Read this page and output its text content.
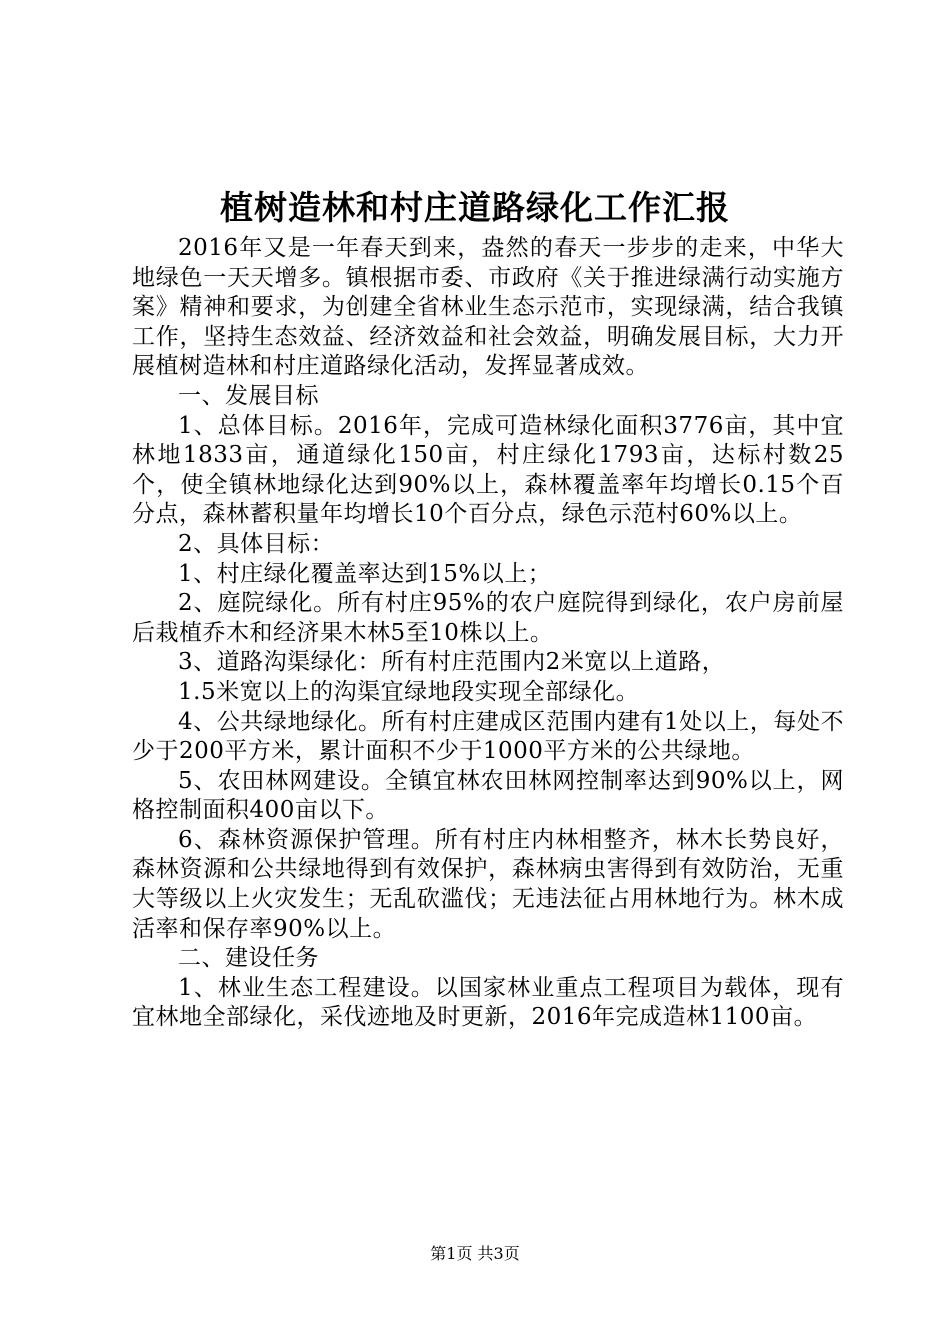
植树造林和村庄道路绿化工作汇报

2016年又是一年春天到来，盎然的春天一步步的走来，中华大地绿色一天天增多。镇根据市委、市政府《关于推进绿满行动实施方案》精神和要求，为创建全省林业生态示范市，实现绿满，结合我镇工作，坚持生态效益、经济效益和社会效益，明确发展目标，大力开展植树造林和村庄道路绿化活动，发挥显著成效。

一、发展目标

1、总体目标。2016年，完成可造林绿化面积3776亩，其中宜林地1833亩，通道绿化150亩，村庄绿化1793亩，达标村数25个，使全镇林地绿化达到90%以上，森林覆盖率年均增长0.15个百分点，森林蓄积量年均增长10个百分点，绿色示范村60%以上。

2、具体目标：

1、村庄绿化覆盖率达到15%以上；

2、庭院绿化。所有村庄95%的农户庭院得到绿化，农户房前屋后栽植乔木和经济果木林5至10株以上。

3、道路沟渠绿化：所有村庄范围内2米宽以上道路，

1.5米宽以上的沟渠宜绿地段实现全部绿化。

4、公共绿地绿化。所有村庄建成区范围内建有1处以上，每处不少于200平方米，累计面积不少于1000平方米的公共绿地。

5、农田林网建设。全镇宜林农田林网控制率达到90%以上，网格控制面积400亩以下。

6、森林资源保护管理。所有村庄内林相整齐，林木长势良好，森林资源和公共绿地得到有效保护，森林病虫害得到有效防治，无重大等级以上火灾发生；无乱砍滥伐；无违法征占用林地行为。林木成活率和保存率90%以上。

二、建设任务

1、林业生态工程建设。以国家林业重点工程项目为载体，现有宜林地全部绿化，采伐迹地及时更新，2016年完成造林1100亩。

第1页 共3页
